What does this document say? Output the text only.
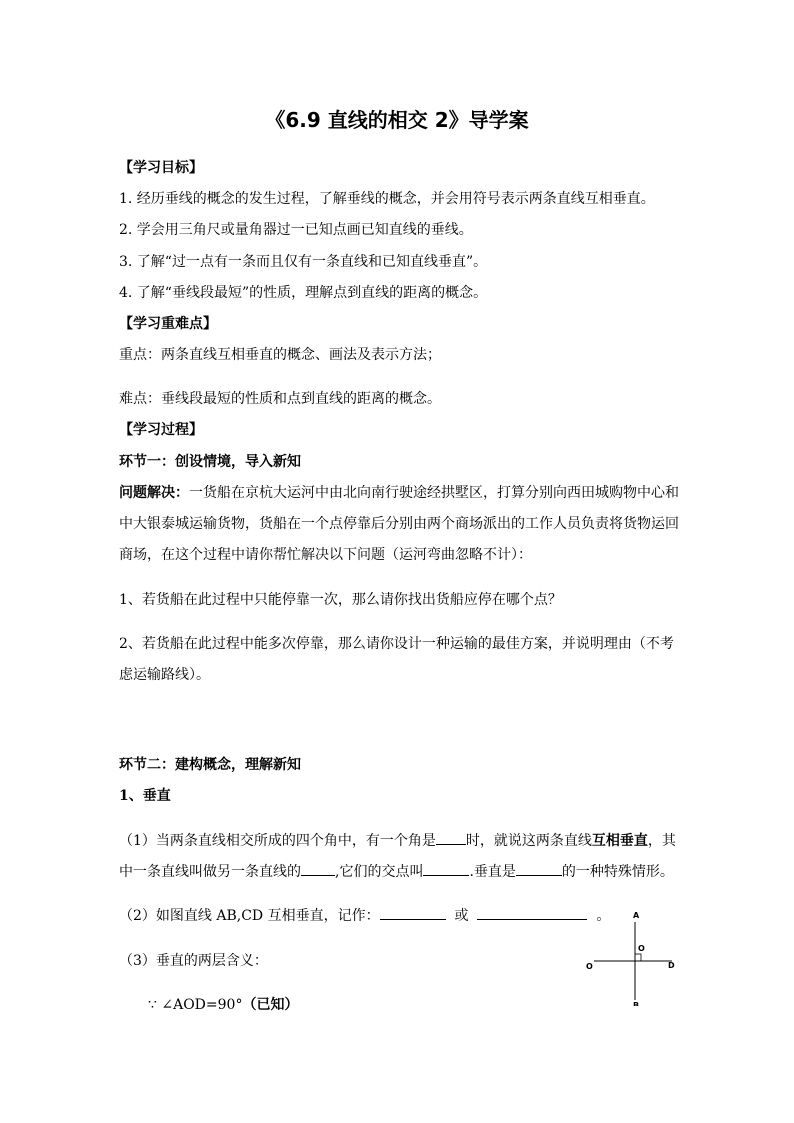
《6.9 直线的相交 2》导学案
【学习目标】
1. 经历垂线的概念的发生过程，了解垂线的概念，并会用符号表示两条直线互相垂直。
2. 学会用三角尺或量角器过一已知点画已知直线的垂线。
3. 了解“过一点有一条而且仅有一条直线和已知直线垂直”。
4. 了解“垂线段最短”的性质，理解点到直线的距离的概念。
【学习重难点】
重点：两条直线互相垂直的概念、画法及表示方法；
难点：垂线段最短的性质和点到直线的距离的概念。
【学习过程】
环节一：创设情境，导入新知
问题解决：一货船在京杭大运河中由北向南行驶途经拱墅区，打算分别向西田城购物中心和
中大银泰城运输货物，货船在一个点停靠后分别由两个商场派出的工作人员负责将货物运回
商场，在这个过程中请你帮忙解决以下问题（运河弯曲忽略不计）：
1、若货船在此过程中只能停靠一次，那么请你找出货船应停在哪个点？
2、若货船在此过程中能多次停靠，那么请你设计一种运输的最佳方案，并说明理由（不考
虑运输路线）。
环节二：建构概念，理解新知
1、垂直
（1）当两条直线相交所成的四个角中，有一个角是 时，就说这两条直线互相垂直，其
中一条直线叫做另一条直线的 ,它们的交点叫	.垂直是	的一种特殊情形。
（2）如图直线 AB,CD 互相垂直，记作：	或	。
（3）垂直的两层含义：
∵ ∠AOD=90°（已知）
A
B
O	D
O
